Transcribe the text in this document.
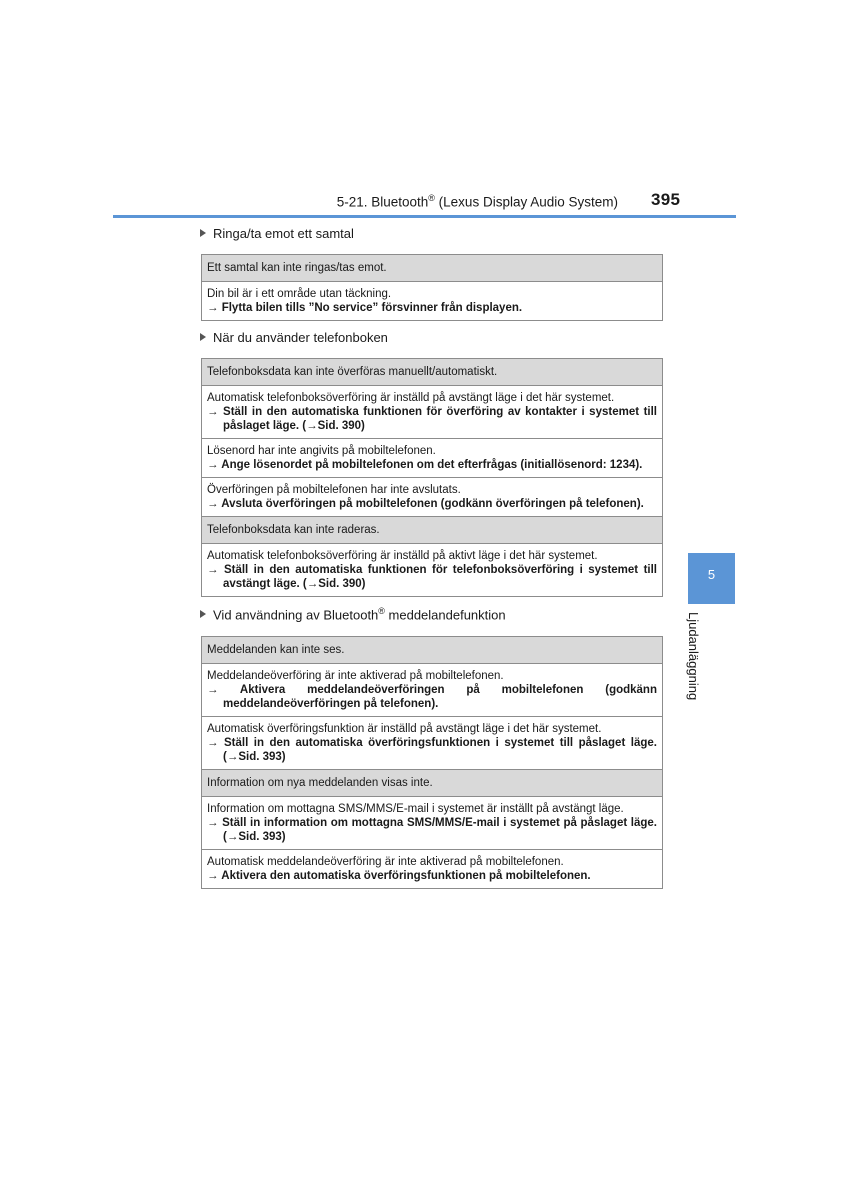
5-21. Bluetooth® (Lexus Display Audio System) 395
Ringa/ta emot ett samtal
Ett samtal kan inte ringas/tas emot.

Din bil är i ett område utan täckning.
→ Flytta bilen tills ”No service” försvinner från displayen.
När du använder telefonboken
Telefonboksdata kan inte överföras manuellt/automatiskt.

Automatisk telefonboksöverföring är inställd på avstängt läge i det här systemet.
→ Ställ in den automatiska funktionen för överföring av kontakter i systemet till påslaget läge. (→Sid. 390)

Lösenord har inte angivits på mobiltelefonen.
→ Ange lösenordet på mobiltelefonen om det efterfrågas (initiallösenord: 1234).

Överföringen på mobiltelefonen har inte avslutats.
→ Avsluta överföringen på mobiltelefonen (godkänn överföringen på telefonen).

Telefonboksdata kan inte raderas.

Automatisk telefonboksöverföring är inställd på aktivt läge i det här systemet.
→ Ställ in den automatiska funktionen för telefonboksöverföring i systemet till avstängt läge. (→Sid. 390)
Vid användning av Bluetooth® meddelandefunktion
Meddelanden kan inte ses.

Meddelandeöverföring är inte aktiverad på mobiltelefonen.
→ Aktivera meddelandeöverföringen på mobiltelefonen (godkänn meddelandeöverföringen på telefonen).

Automatisk överföringsfunktion är inställd på avstängt läge i det här systemet.
→ Ställ in den automatiska överföringsfunktionen i systemet till påslaget läge. (→Sid. 393)

Information om nya meddelanden visas inte.

Information om mottagna SMS/MMS/E-mail i systemet är inställt på avstängt läge.
→ Ställ in information om mottagna SMS/MMS/E-mail i systemet på påslaget läge. (→Sid. 393)

Automatisk meddelandeöverföring är inte aktiverad på mobiltelefonen.
→ Aktivera den automatiska överföringsfunktionen på mobiltelefonen.
5
Ljudanläggning
